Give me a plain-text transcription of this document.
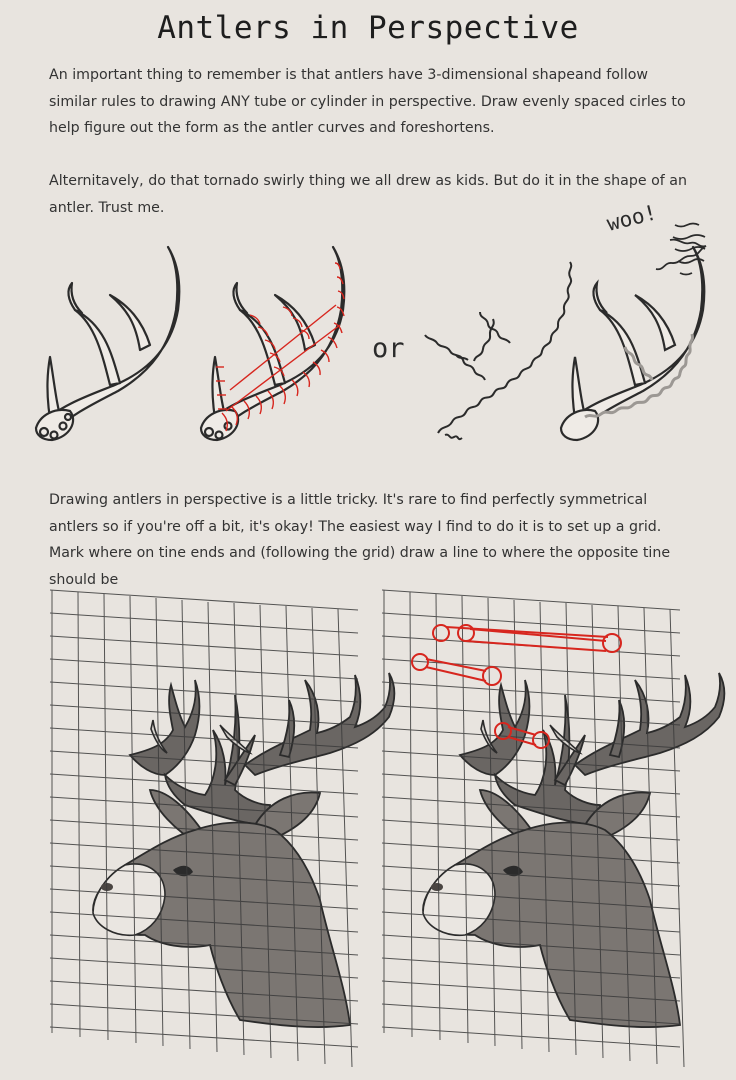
Antlers in Perspective
An important thing to remember is that antlers have 3-dimensional shapeand follow similar rules to drawing ANY tube or cylinder in perspective. Draw evenly spaced cirles to help figure out the form as the antler curves and foreshortens.
Alternitavely, do that tornado swirly thing we all drew as kids. But do it in the shape of an antler. Trust me.
or
woo!
Drawing antlers in perspective is a little tricky. It's rare to find perfectly symmetrical antlers so if you're off a bit, it's okay! The easiest way I find to do it is to set up a grid. Mark where on tine ends and (following the grid) draw a line to where the opposite tine should be
